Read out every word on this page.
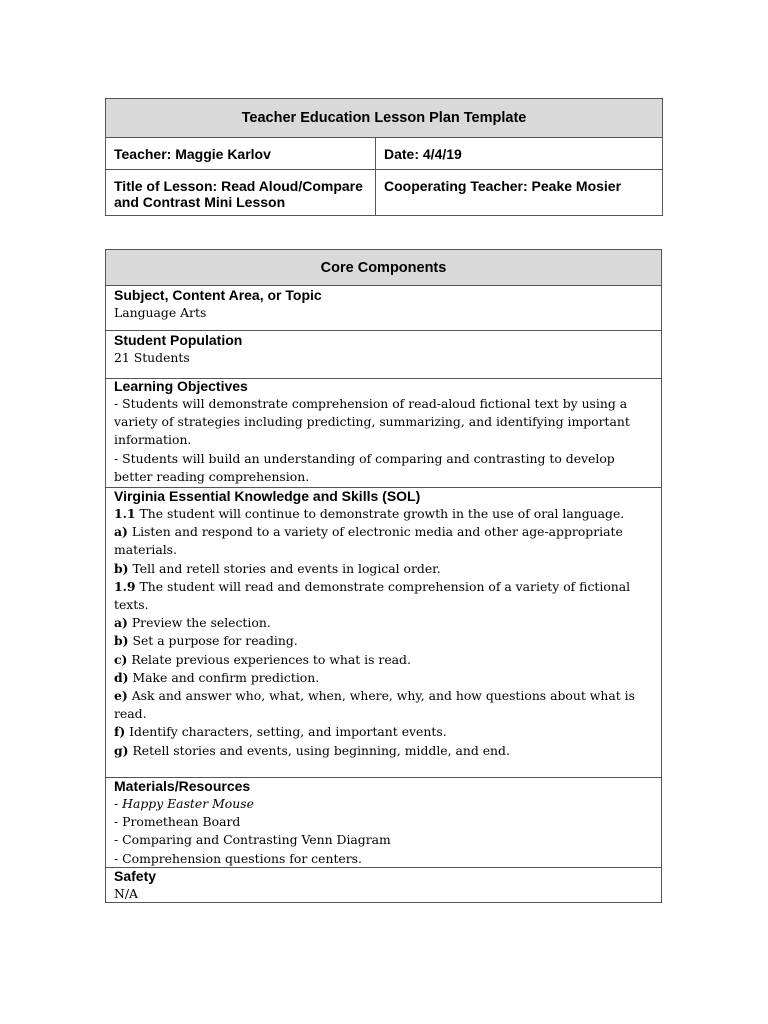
Teacher Education Lesson Plan Template	
Teacher: Maggie Karlov	Date: 4/4/19
Title of Lesson: Read Aloud/Compare and Contrast Mini Lesson	Cooperating Teacher: Peake Mosier
Core Components
Subject, Content Area, or Topic
Language Arts
Student Population
21 Students
Learning Objectives
- Students will demonstrate comprehension of read-aloud fictional text by using a
variety of strategies including predicting, summarizing, and identifying important
information.
- Students will build an understanding of comparing and contrasting to develop
better reading comprehension.
Virginia Essential Knowledge and Skills (SOL)
1.1 The student will continue to demonstrate growth in the use of oral language.
a) Listen and respond to a variety of electronic media and other age-appropriate
materials.
b) Tell and retell stories and events in logical order.
1.9 The student will read and demonstrate comprehension of a variety of fictional
texts.
a) Preview the selection.
b) Set a purpose for reading.
c) Relate previous experiences to what is read.
d) Make and confirm prediction.
e) Ask and answer who, what, when, where, why, and how questions about what is
read.
f) Identify characters, setting, and important events.
g) Retell stories and events, using beginning, middle, and end.
Materials/Resources
- Happy Easter Mouse
- Promethean Board
- Comparing and Contrasting Venn Diagram
- Comprehension questions for centers.
Safety
N/A
